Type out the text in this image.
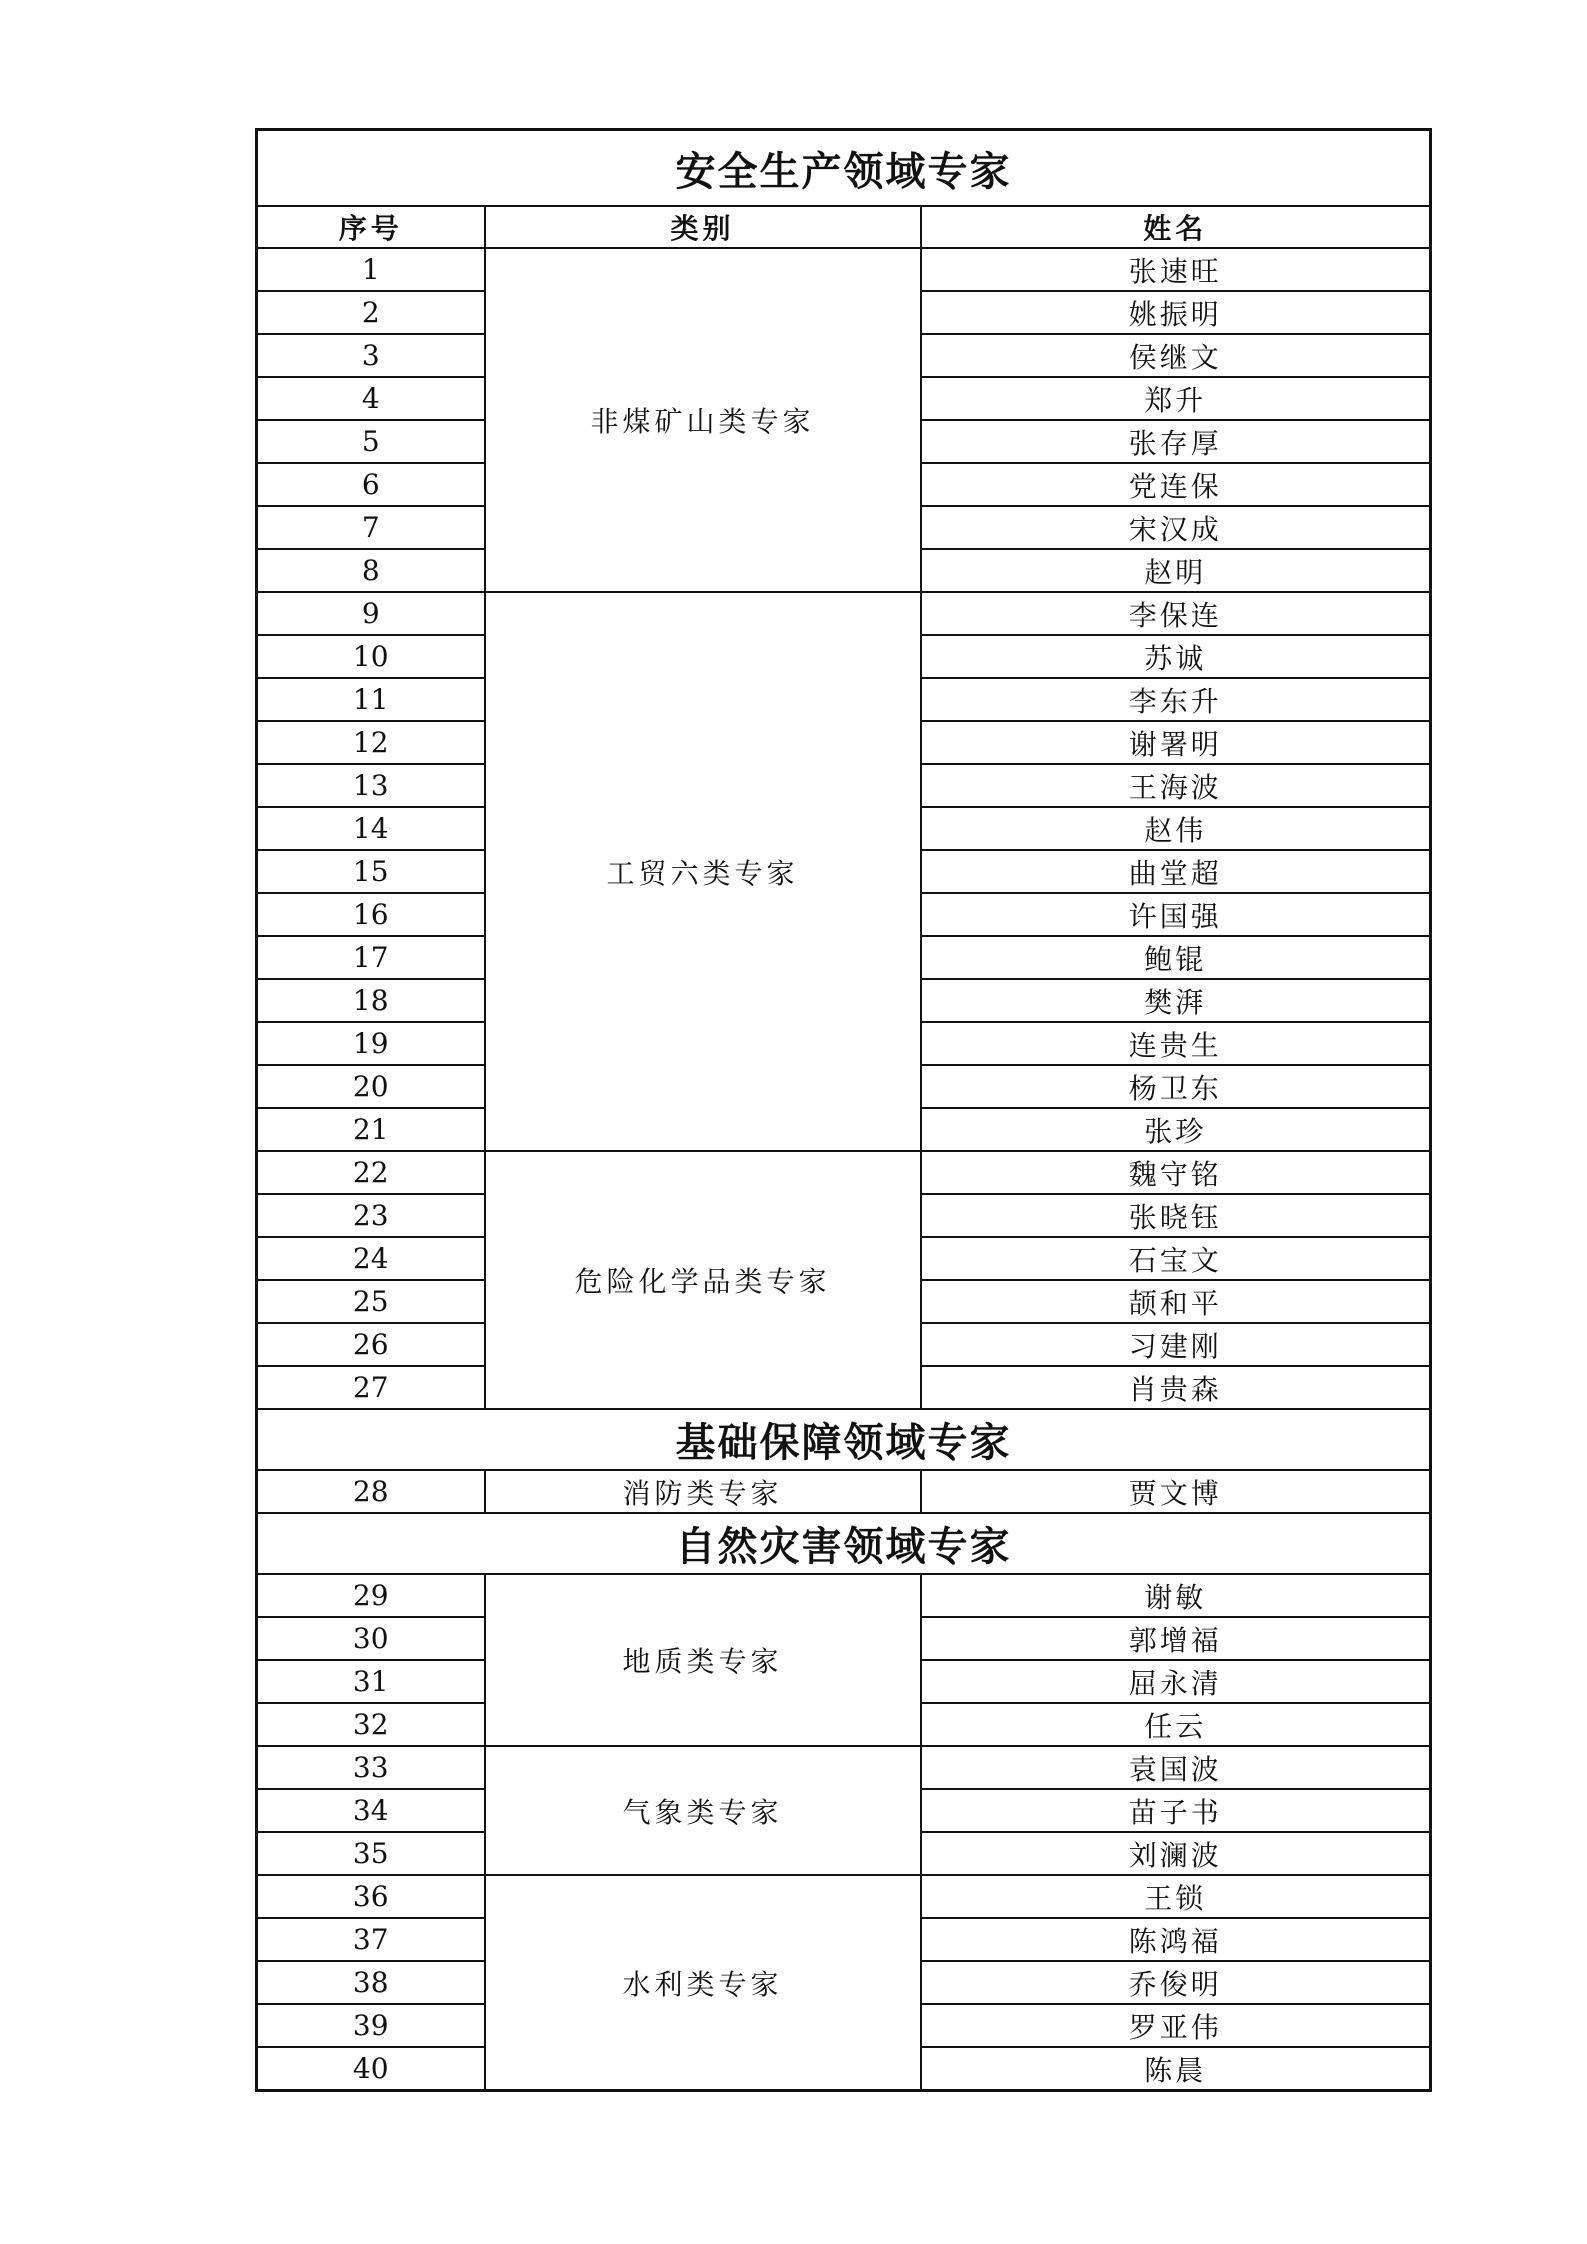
安全生产领域专家		
序号	类别	姓名
1	非煤矿山类专家	张速旺
2		姚振明
3		侯继文
4		郑升
5		张存厚
6		党连保
7		宋汉成
8		赵明
9	工贸六类专家	李保连
10		苏诚
11		李东升
12		谢署明
13		王海波
14		赵伟
15		曲堂超
16		许国强
17		鲍锟
18		樊湃
19		连贵生
20		杨卫东
21		张珍
22	危险化学品类专家	魏守铭
23		张晓钰
24		石宝文
25		颉和平
26		习建刚
27		肖贵森
基础保障领域专家		
28	消防类专家	贾文博
自然灾害领域专家		
29	地质类专家	谢敏
30		郭增福
31		屈永清
32		任云
33	气象类专家	袁国波
34		苗子书
35		刘澜波
36	水利类专家	王锁
37		陈鸿福
38		乔俊明
39		罗亚伟
40		陈晨
